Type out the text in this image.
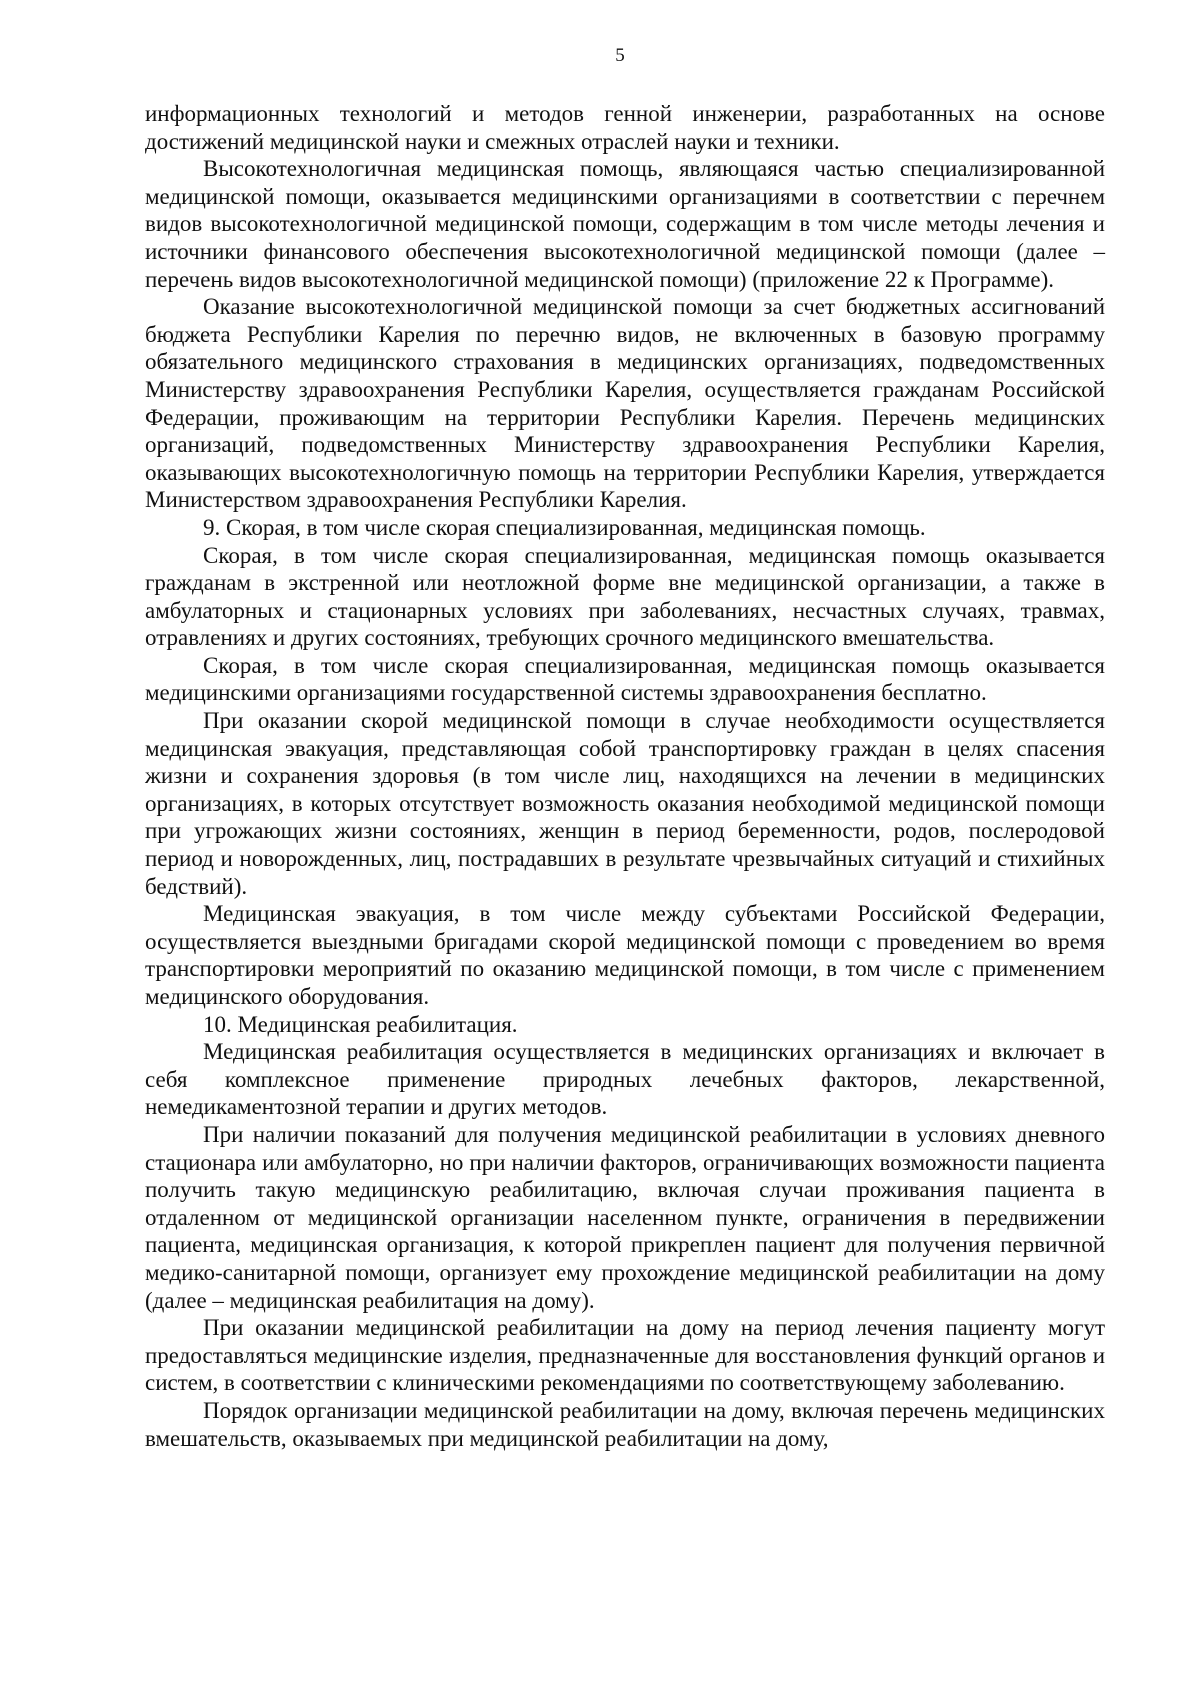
5

информационных технологий и методов генной инженерии, разработанных на основе достижений медицинской науки и смежных отраслей науки и техники.

Высокотехнологичная медицинская помощь, являющаяся частью специализированной медицинской помощи, оказывается медицинскими организациями в соответствии с перечнем видов высокотехнологичной медицинской помощи, содержащим в том числе методы лечения и источники финансового обеспечения высокотехнологичной медицинской помощи (далее – перечень видов высокотехнологичной медицинской помощи) (приложение 22 к Программе).

Оказание высокотехнологичной медицинской помощи за счет бюджетных ассигнований бюджета Республики Карелия по перечню видов, не включенных в базовую программу обязательного медицинского страхования в медицинских организациях, подведомственных Министерству здравоохранения Республики Карелия, осуществляется гражданам Российской Федерации, проживающим на территории Республики Карелия. Перечень медицинских организаций, подведомственных Министерству здравоохранения Республики Карелия, оказывающих высокотехнологичную помощь на территории Республики Карелия, утверждается Министерством здравоохранения Республики Карелия.

9. Скорая, в том числе скорая специализированная, медицинская помощь.

Скорая, в том числе скорая специализированная, медицинская помощь оказывается гражданам в экстренной или неотложной форме вне медицинской организации, а также в амбулаторных и стационарных условиях при заболеваниях, несчастных случаях, травмах, отравлениях и других состояниях, требующих срочного медицинского вмешательства.

Скорая, в том числе скорая специализированная, медицинская помощь оказывается медицинскими организациями государственной системы здравоохранения бесплатно.

При оказании скорой медицинской помощи в случае необходимости осуществляется медицинская эвакуация, представляющая собой транспортировку граждан в целях спасения жизни и сохранения здоровья (в том числе лиц, находящихся на лечении в медицинских организациях, в которых отсутствует возможность оказания необходимой медицинской помощи при угрожающих жизни состояниях, женщин в период беременности, родов, послеродовой период и новорожденных, лиц, пострадавших в результате чрезвычайных ситуаций и стихийных бедствий).

Медицинская эвакуация, в том числе между субъектами Российской Федерации, осуществляется выездными бригадами скорой медицинской помощи с проведением во время транспортировки мероприятий по оказанию медицинской помощи, в том числе с применением медицинского оборудования.

10. Медицинская реабилитация.

Медицинская реабилитация осуществляется в медицинских организациях и включает в себя комплексное применение природных лечебных факторов, лекарственной, немедикаментозной терапии и других методов.

При наличии показаний для получения медицинской реабилитации в условиях дневного стационара или амбулаторно, но при наличии факторов, ограничивающих возможности пациента получить такую медицинскую реабилитацию, включая случаи проживания пациента в отдаленном от медицинской организации населенном пункте, ограничения в передвижении пациента, медицинская организация, к которой прикреплен пациент для получения первичной медико-санитарной помощи, организует ему прохождение медицинской реабилитации на дому (далее – медицинская реабилитация на дому).

При оказании медицинской реабилитации на дому на период лечения пациенту могут предоставляться медицинские изделия, предназначенные для восстановления функций органов и систем, в соответствии с клиническими рекомендациями по соответствующему заболеванию.

Порядок организации медицинской реабилитации на дому, включая перечень медицинских вмешательств, оказываемых при медицинской реабилитации на дому,
